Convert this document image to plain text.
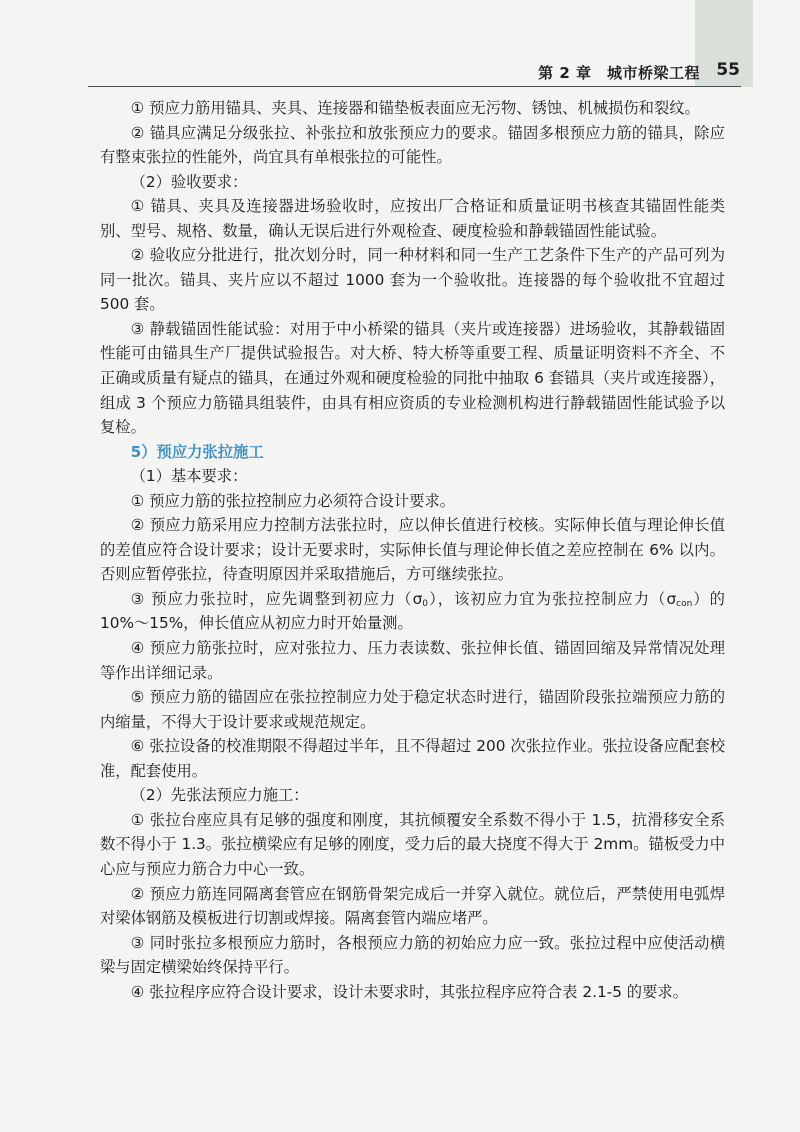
第 2 章　城市桥梁工程 55

① 预应力筋用锚具、夹具、连接器和锚垫板表面应无污物、锈蚀、机械损伤和裂纹。

② 锚具应满足分级张拉、补张拉和放张预应力的要求。锚固多根预应力筋的锚具，除应有整束张拉的性能外，尚宜具有单根张拉的可能性。

（2）验收要求：

① 锚具、夹具及连接器进场验收时，应按出厂合格证和质量证明书核查其锚固性能类别、型号、规格、数量，确认无误后进行外观检查、硬度检验和静载锚固性能试验。

② 验收应分批进行，批次划分时，同一种材料和同一生产工艺条件下生产的产品可列为同一批次。锚具、夹片应以不超过 1000 套为一个验收批。连接器的每个验收批不宜超过 500 套。

③ 静载锚固性能试验：对用于中小桥梁的锚具（夹片或连接器）进场验收，其静载锚固性能可由锚具生产厂提供试验报告。对大桥、特大桥等重要工程、质量证明资料不齐全、不正确或质量有疑点的锚具，在通过外观和硬度检验的同批中抽取 6 套锚具（夹片或连接器），组成 3 个预应力筋锚具组装件，由具有相应资质的专业检测机构进行静载锚固性能试验予以复检。

5）预应力张拉施工

（1）基本要求：

① 预应力筋的张拉控制应力必须符合设计要求。

② 预应力筋采用应力控制方法张拉时，应以伸长值进行校核。实际伸长值与理论伸长值的差值应符合设计要求；设计无要求时，实际伸长值与理论伸长值之差应控制在 6% 以内。否则应暂停张拉，待查明原因并采取措施后，方可继续张拉。

③ 预应力张拉时，应先调整到初应力$(\sigma_0)$，该初应力宜为张拉控制应力$(\sigma_{con})$的 10%～15%，伸长值应从初应力时开始量测。

④ 预应力筋张拉时，应对张拉力、压力表读数、张拉伸长值、锚固回缩及异常情况处理等作出详细记录。

⑤ 预应力筋的锚固应在张拉控制应力处于稳定状态时进行，锚固阶段张拉端预应力筋的内缩量，不得大于设计要求或规范规定。

⑥ 张拉设备的校准期限不得超过半年，且不得超过 200 次张拉作业。张拉设备应配套校准，配套使用。

（2）先张法预应力施工：

① 张拉台座应具有足够的强度和刚度，其抗倾覆安全系数不得小于 1.5，抗滑移安全系数不得小于 1.3。张拉横梁应有足够的刚度，受力后的最大挠度不得大于 2mm。锚板受力中心应与预应力筋合力中心一致。

② 预应力筋连同隔离套管应在钢筋骨架完成后一并穿入就位。就位后，严禁使用电弧焊对梁体钢筋及模板进行切割或焊接。隔离套管内端应堵严。

③ 同时张拉多根预应力筋时，各根预应力筋的初始应力应一致。张拉过程中应使活动横梁与固定横梁始终保持平行。

④ 张拉程序应符合设计要求，设计未要求时，其张拉程序应符合表 2.1-5 的要求。
